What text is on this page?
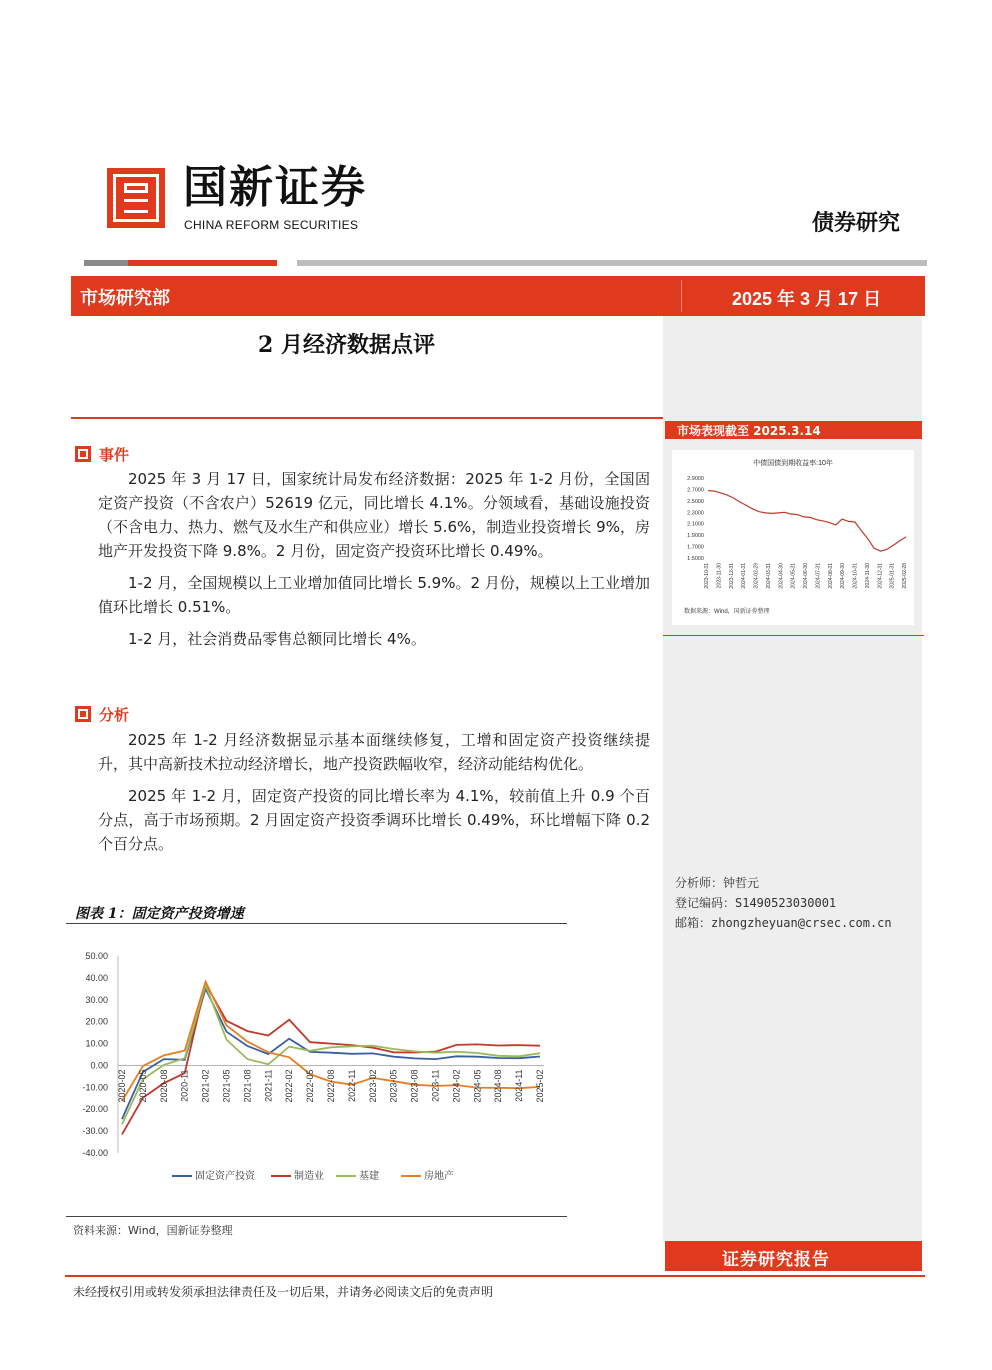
国新证券
CHINA REFORM SECURITIES	债券研究
市场研究部	2025 年 3 月 17 日
2 月经济数据点评
事件

2025 年 3 月 17 日，国家统计局发布经济数据：2025 年 1-2 月份，全国固定资产投资（不含农户）52619 亿元，同比增长 4.1%。分领域看，基础设施投资（不含电力、热力、燃气及水生产和供应业）增长 5.6%，制造业投资增长 9%，房地产开发投资下降 9.8%。2 月份，固定资产投资环比增长 0.49%。

1-2 月，全国规模以上工业增加值同比增长 5.9%。2 月份，规模以上工业增加值环比增长 0.51%。

1-2 月，社会消费品零售总额同比增长 4%。

分析

2025 年 1-2 月经济数据显示基本面继续修复，工增和固定资产投资继续提升，其中高新技术拉动经济增长，地产投资跌幅收窄，经济动能结构优化。

2025 年 1-2 月，固定资产投资的同比增长率为 4.1%，较前值上升 0.9 个百分点，高于市场预期。2 月固定资产投资季调环比增长 0.49%，环比增幅下降 0.2 个百分点。

市场表现截至 2025.3.14
中债国债到期收益率:10年
2.9000
2.7000
2.5000
2.3000
2.1000
1.9000
1.7000
1.5000
2023-10-31 2023-11-30 2023-12-31 2024-01-31 2024-02-29 2024-03-31 2024-04-30 2024-05-31 2024-06-30 2024-07-31 2024-08-31 2024-09-30 2024-10-31 2024-11-30 2024-12-31 2025-01-31 2025-02-28
数据来源：Wind，国新证券整理
分析师：钟哲元
登记编码：S1490523030001
邮箱：zhongzheyuan@crsec.com.cn
图表 1：固定资产投资增速
50.00
40.00
30.00
20.00
10.00
0.00
-10.00
-20.00
-30.00
-40.00
2020-02 2020-05 2020-08 2020-11 2021-02 2021-05 2021-08 2021-11 2022-02 2022-05 2022-08 2022-11 2023-02 2023-05 2023-08 2023-11 2024-02 2024-05 2024-08 2024-11 2025-02
固定资产投资	制造业	基建	房地产
资料来源：Wind，国新证券整理
证券研究报告
未经授权引用或转发须承担法律责任及一切后果，并请务必阅读文后的免责声明
